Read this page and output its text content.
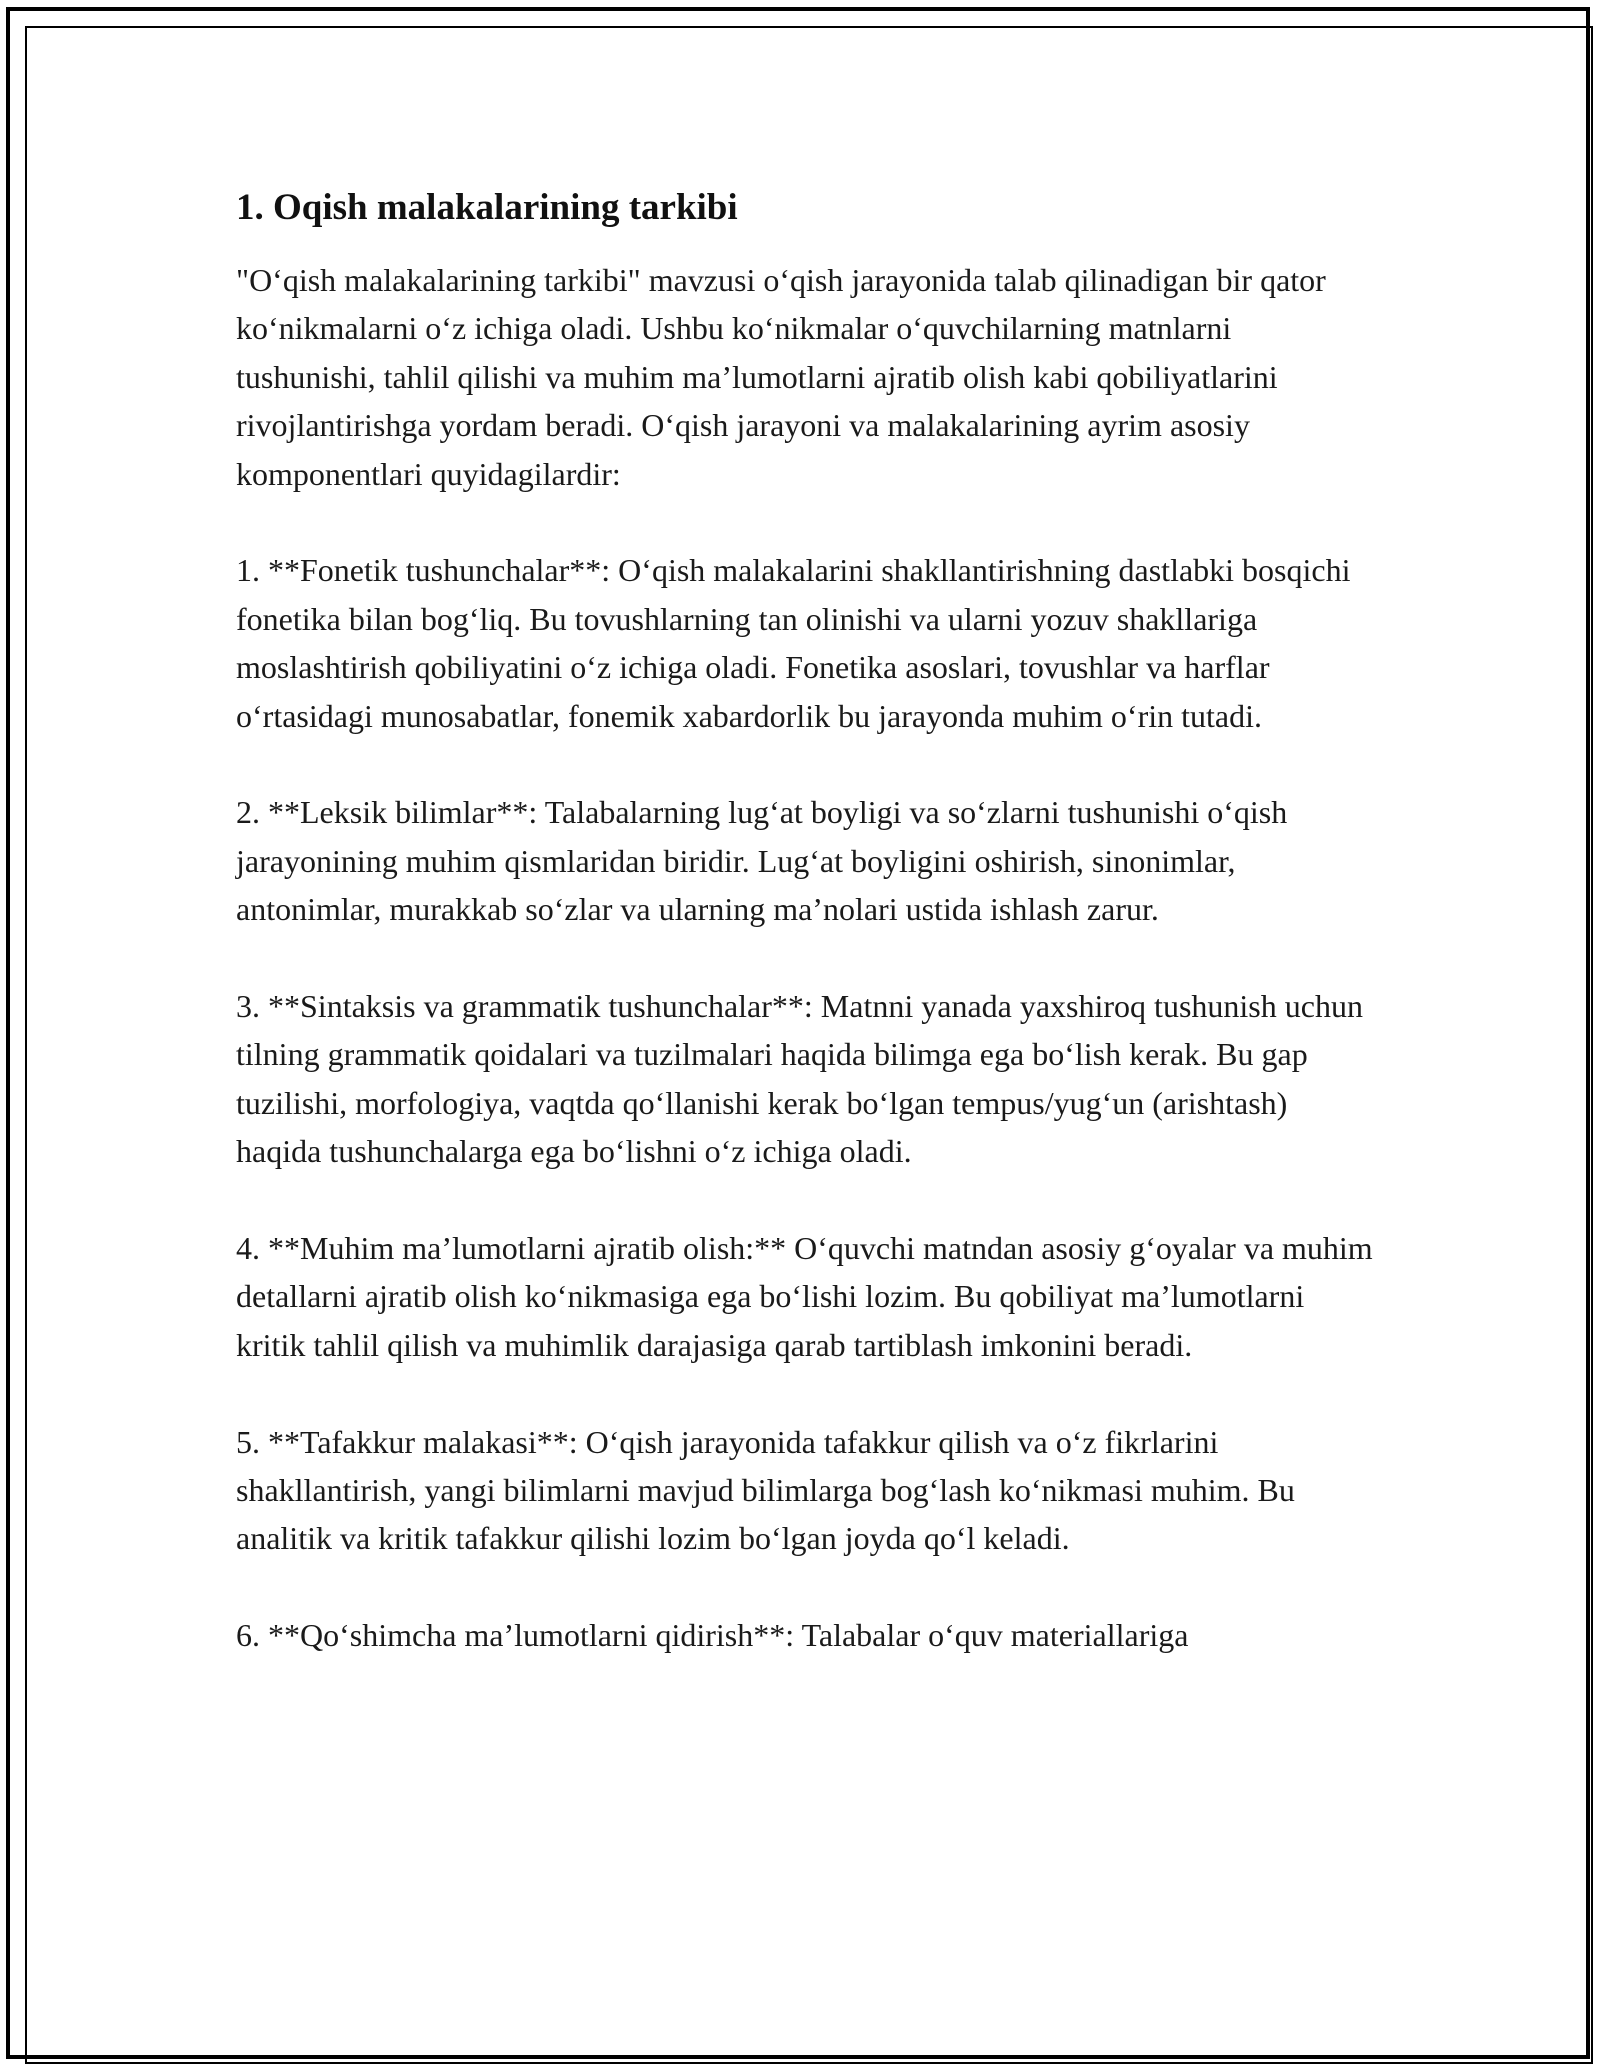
1. Oqish malakalarining tarkibi

"O‘qish malakalarining tarkibi" mavzusi o‘qish jarayonida talab qilinadigan bir qator ko‘nikmalarni o‘z ichiga oladi. Ushbu ko‘nikmalar o‘quvchilarning matnlarni tushunishi, tahlil qilishi va muhim ma’lumotlarni ajratib olish kabi qobiliyatlarini rivojlantirishga yordam beradi. O‘qish jarayoni va malakalarining ayrim asosiy komponentlari quyidagilardir:

1. **Fonetik tushunchalar**: O‘qish malakalarini shakllantirishning dastlabki bosqichi fonetika bilan bog‘liq. Bu tovushlarning tan olinishi va ularni yozuv shakllariga moslashtirish qobiliyatini o‘z ichiga oladi. Fonetika asoslari, tovushlar va harflar o‘rtasidagi munosabatlar, fonemik xabardorlik bu jarayonda muhim o‘rin tutadi.

2. **Leksik bilimlar**: Talabalarning lug‘at boyligi va so‘zlarni tushunishi o‘qish jarayonining muhim qismlaridan biridir. Lug‘at boyligini oshirish, sinonimlar, antonimlar, murakkab so‘zlar va ularning ma’nolari ustida ishlash zarur.

3. **Sintaksis va grammatik tushunchalar**: Matnni yanada yaxshiroq tushunish uchun tilning grammatik qoidalari va tuzilmalari haqida bilimga ega bo‘lish kerak. Bu gap tuzilishi, morfologiya, vaqtda qo‘llanishi kerak bo‘lgan tempus/yug‘un (arishtash) haqida tushunchalarga ega bo‘lishni o‘z ichiga oladi.

4. **Muhim ma’lumotlarni ajratib olish:** O‘quvchi matndan asosiy g‘oyalar va muhim detallarni ajratib olish ko‘nikmasiga ega bo‘lishi lozim. Bu qobiliyat ma’lumotlarni kritik tahlil qilish va muhimlik darajasiga qarab tartiblash imkonini beradi.

5. **Tafakkur malakasi**: O‘qish jarayonida tafakkur qilish va o‘z fikrlarini shakllantirish, yangi bilimlarni mavjud bilimlarga bog‘lash ko‘nikmasi muhim. Bu analitik va kritik tafakkur qilishi lozim bo‘lgan joyda qo‘l keladi.

6. **Qo‘shimcha ma’lumotlarni qidirish**: Talabalar o‘quv materiallariga
